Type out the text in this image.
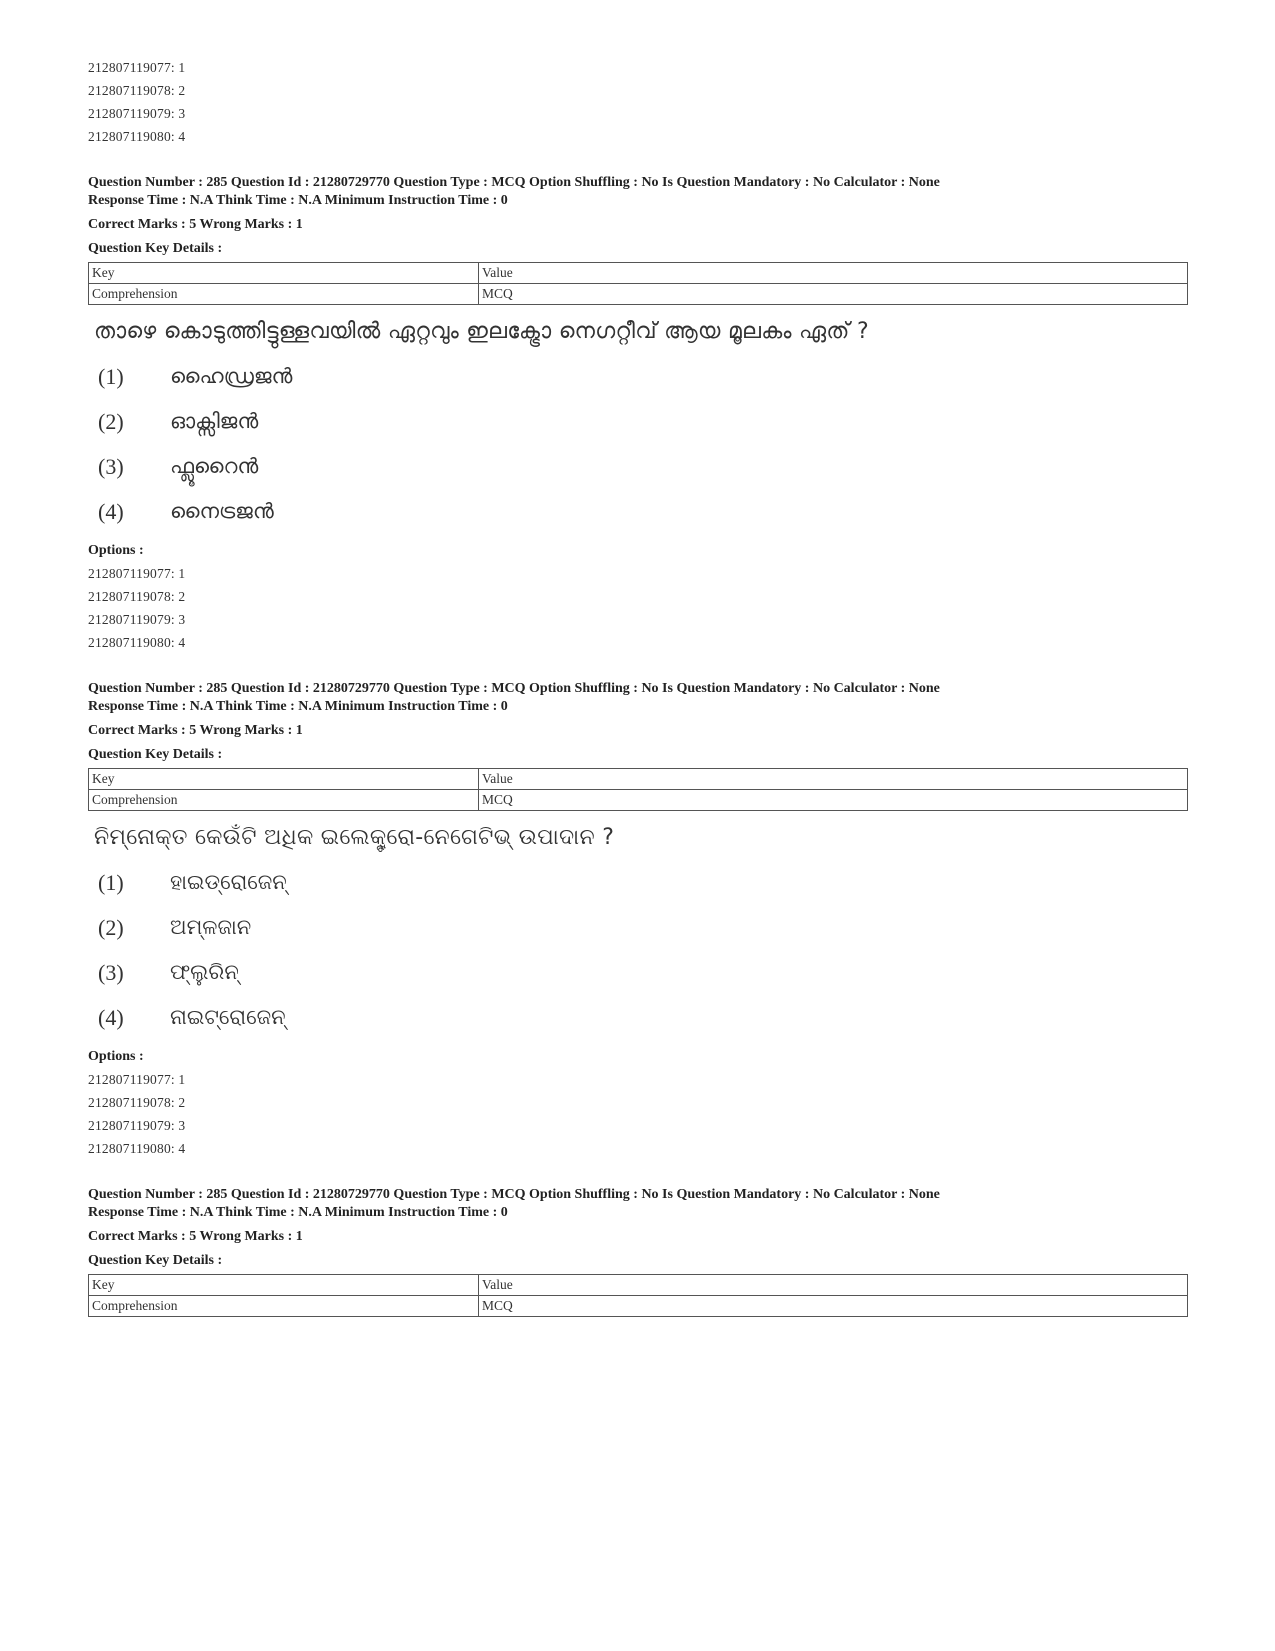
212807119077: 1
212807119078: 2
212807119079: 3
212807119080: 4

Question Number : 285 Question Id : 21280729770 Question Type : MCQ Option Shuffling : No Is Question Mandatory : No Calculator : None

Response Time : N.A Think Time : N.A Minimum Instruction Time : 0

Correct Marks : 5 Wrong Marks : 1

Question Key Details :

Key	Value
Comprehension	MCQ
താഴെ കൊടുത്തിട്ടുള്ളവയിൽ ഏറ്റവും ഇലക്ട്രോ നെഗറ്റീവ് ആയ മൂലകം ഏത് ?
(1)	ഹൈഡ്രജൻ
(2)	ഓക്സിജൻ
(3)	ഫ്ലൂറൈൻ
(4)	നൈട്രജൻ
Options :
212807119077: 1
212807119078: 2
212807119079: 3
212807119080: 4

Question Number : 285 Question Id : 21280729770 Question Type : MCQ Option Shuffling : No Is Question Mandatory : No Calculator : None

Response Time : N.A Think Time : N.A Minimum Instruction Time : 0

Correct Marks : 5 Wrong Marks : 1

Question Key Details :

Key	Value
Comprehension	MCQ
ନିମ୍ନୋକ୍ତ କେଉଁଟି ଅଧିକ ଇଲେକ୍ଟ୍ରୋ-ନେଗେଟିଭ୍ ଉପାଦାନ ?
(1)	ହାଇଡ୍ରୋଜେନ୍
(2)	ଅମ୍ଳଜାନ
(3)	ଫ୍ଲୁରିନ୍
(4)	ନାଇଟ୍ରୋଜେନ୍
Options :
212807119077: 1
212807119078: 2
212807119079: 3
212807119080: 4

Question Number : 285 Question Id : 21280729770 Question Type : MCQ Option Shuffling : No Is Question Mandatory : No Calculator : None

Response Time : N.A Think Time : N.A Minimum Instruction Time : 0

Correct Marks : 5 Wrong Marks : 1

Question Key Details :

Key	Value
Comprehension	MCQ
